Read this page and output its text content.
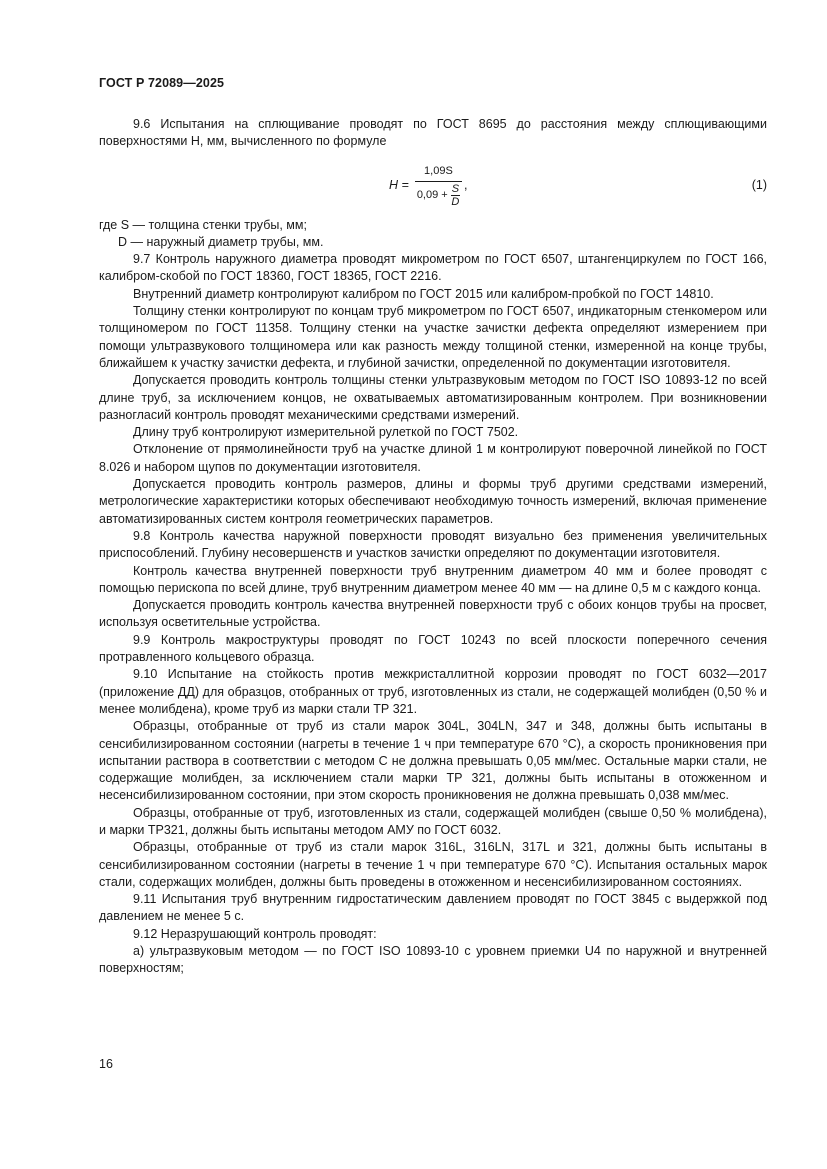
ГОСТ Р 72089—2025

9.6 Испытания на сплющивание проводят по ГОСТ 8695 до расстояния между сплющивающими поверхностями H, мм, вычисленного по формуле

$H = \frac{1,09S}{0,09 + \frac{S}{D}}$ ,	(1)

где S — толщина стенки трубы, мм;

D — наружный диаметр трубы, мм.

9.7 Контроль наружного диаметра проводят микрометром по ГОСТ 6507, штангенциркулем по ГОСТ 166, калибром-скобой по ГОСТ 18360, ГОСТ 18365, ГОСТ 2216.

Внутренний диаметр контролируют калибром по ГОСТ 2015 или калибром-пробкой по ГОСТ 14810.

Толщину стенки контролируют по концам труб микрометром по ГОСТ 6507, индикаторным стенкомером или толщиномером по ГОСТ 11358. Толщину стенки на участке зачистки дефекта определяют измерением при помощи ультразвукового толщиномера или как разность между толщиной стенки, измеренной на конце трубы, ближайшем к участку зачистки дефекта, и глубиной зачистки, определенной по документации изготовителя.

Допускается проводить контроль толщины стенки ультразвуковым методом по ГОСТ ISO 10893-12 по всей длине труб, за исключением концов, не охватываемых автоматизированным контролем. При возникновении разногласий контроль проводят механическими средствами измерений.

Длину труб контролируют измерительной рулеткой по ГОСТ 7502.

Отклонение от прямолинейности труб на участке длиной 1 м контролируют поверочной линейкой по ГОСТ 8.026 и набором щупов по документации изготовителя.

Допускается проводить контроль размеров, длины и формы труб другими средствами измерений, метрологические характеристики которых обеспечивают необходимую точность измерений, включая применение автоматизированных систем контроля геометрических параметров.

9.8 Контроль качества наружной поверхности проводят визуально без применения увеличительных приспособлений. Глубину несовершенств и участков зачистки определяют по документации изготовителя.

Контроль качества внутренней поверхности труб внутренним диаметром 40 мм и более проводят с помощью перископа по всей длине, труб внутренним диаметром менее 40 мм — на длине 0,5 м с каждого конца.

Допускается проводить контроль качества внутренней поверхности труб с обоих концов трубы на просвет, используя осветительные устройства.

9.9 Контроль макроструктуры проводят по ГОСТ 10243 по всей плоскости поперечного сечения протравленного кольцевого образца.

9.10 Испытание на стойкость против межкристаллитной коррозии проводят по ГОСТ 6032—2017 (приложение ДД) для образцов, отобранных от труб, изготовленных из стали, не содержащей молибден (0,50 % и менее молибдена), кроме труб из марки стали ТР 321.

Образцы, отобранные от труб из стали марок 304L, 304LN, 347 и 348, должны быть испытаны в сенсибилизированном состоянии (нагреты в течение 1 ч при температуре 670 °С), а скорость проникновения при испытании раствора в соответствии с методом С не должна превышать 0,05 мм/мес. Остальные марки стали, не содержащие молибден, за исключением стали марки ТР 321, должны быть испытаны в отожженном и несенсибилизированном состоянии, при этом скорость проникновения не должна превышать 0,038 мм/мес.

Образцы, отобранные от труб, изготовленных из стали, содержащей молибден (свыше 0,50 % молибдена), и марки ТР321, должны быть испытаны методом АМУ по ГОСТ 6032.

Образцы, отобранные от труб из стали марок 316L, 316LN, 317L и 321, должны быть испытаны в сенсибилизированном состоянии (нагреты в течение 1 ч при температуре 670 °С). Испытания остальных марок стали, содержащих молибден, должны быть проведены в отожженном и несенсибилизированном состояниях.

9.11 Испытания труб внутренним гидростатическим давлением проводят по ГОСТ 3845 с выдержкой под давлением не менее 5 с.

9.12 Неразрушающий контроль проводят:

а) ультразвуковым методом — по ГОСТ ISO 10893-10 с уровнем приемки U4 по наружной и внутренней поверхностям;

16
